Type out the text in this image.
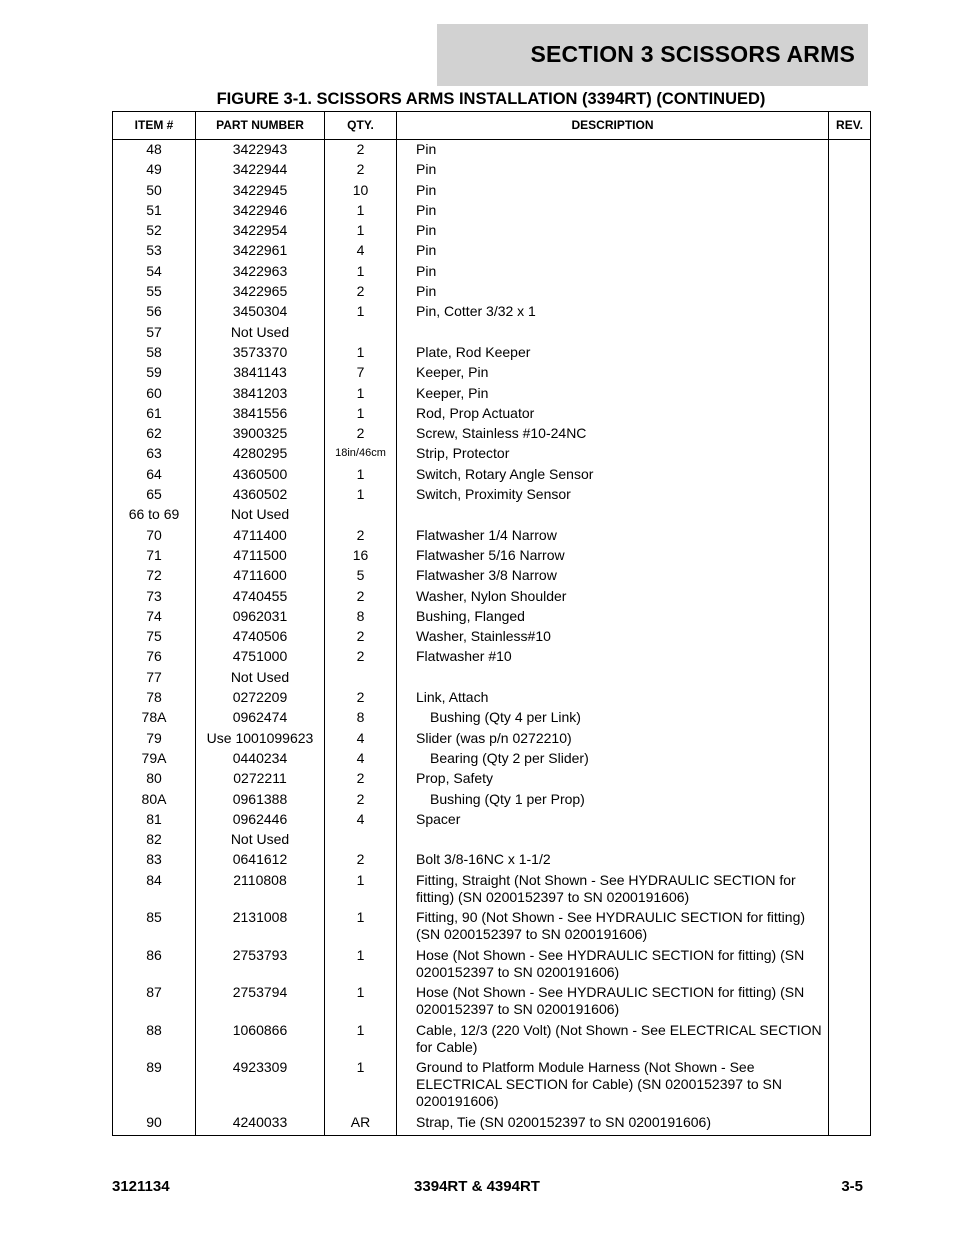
SECTION 3 SCISSORS ARMS
FIGURE 3-1. SCISSORS ARMS INSTALLATION (3394RT) (CONTINUED)
ITEM #	PART NUMBER	QTY.	DESCRIPTION	REV.
48	3422943	2	Pin	
49	3422944	2	Pin	
50	3422945	10	Pin	
51	3422946	1	Pin	
52	3422954	1	Pin	
53	3422961	4	Pin	
54	3422963	1	Pin	
55	3422965	2	Pin	
56	3450304	1	Pin, Cotter 3/32 x 1	
57	Not Used			
58	3573370	1	Plate, Rod Keeper	
59	3841143	7	Keeper, Pin	
60	3841203	1	Keeper, Pin	
61	3841556	1	Rod, Prop Actuator	
62	3900325	2	Screw, Stainless #10-24NC	
63	4280295	18in/46cm	Strip, Protector	
64	4360500	1	Switch, Rotary Angle Sensor	
65	4360502	1	Switch, Proximity Sensor	
66 to 69	Not Used			
70	4711400	2	Flatwasher 1/4 Narrow	
71	4711500	16	Flatwasher 5/16 Narrow	
72	4711600	5	Flatwasher 3/8 Narrow	
73	4740455	2	Washer, Nylon Shoulder	
74	0962031	8	Bushing, Flanged	
75	4740506	2	Washer, Stainless#10	
76	4751000	2	Flatwasher #10	
77	Not Used			
78	0272209	2	Link, Attach	
78A	0962474	8	Bushing (Qty 4 per Link)	
79	Use 1001099623	4	Slider (was p/n 0272210)	
79A	0440234	4	Bearing (Qty 2 per Slider)	
80	0272211	2	Prop, Safety	
80A	0961388	2	Bushing (Qty 1 per Prop)	
81	0962446	4	Spacer	
82	Not Used			
83	0641612	2	Bolt 3/8-16NC x 1-1/2	
84	2110808	1	Fitting, Straight (Not Shown - See HYDRAULIC SECTION for fitting) (SN 0200152397 to SN 0200191606)	
85	2131008	1	Fitting, 90 (Not Shown - See HYDRAULIC SECTION for fitting) (SN 0200152397 to SN 0200191606)	
86	2753793	1	Hose (Not Shown - See HYDRAULIC SECTION for fitting) (SN 0200152397 to SN 0200191606)	
87	2753794	1	Hose (Not Shown - See HYDRAULIC SECTION for fitting) (SN 0200152397 to SN 0200191606)	
88	1060866	1	Cable, 12/3 (220 Volt) (Not Shown - See ELECTRICAL SECTION for Cable)	
89	4923309	1	Ground to Platform Module Harness (Not Shown - See ELECTRICAL SECTION for Cable) (SN 0200152397 to SN 0200191606)	
90	4240033	AR	Strap, Tie (SN 0200152397 to SN 0200191606)	
3121134	3394RT & 4394RT	3-5
